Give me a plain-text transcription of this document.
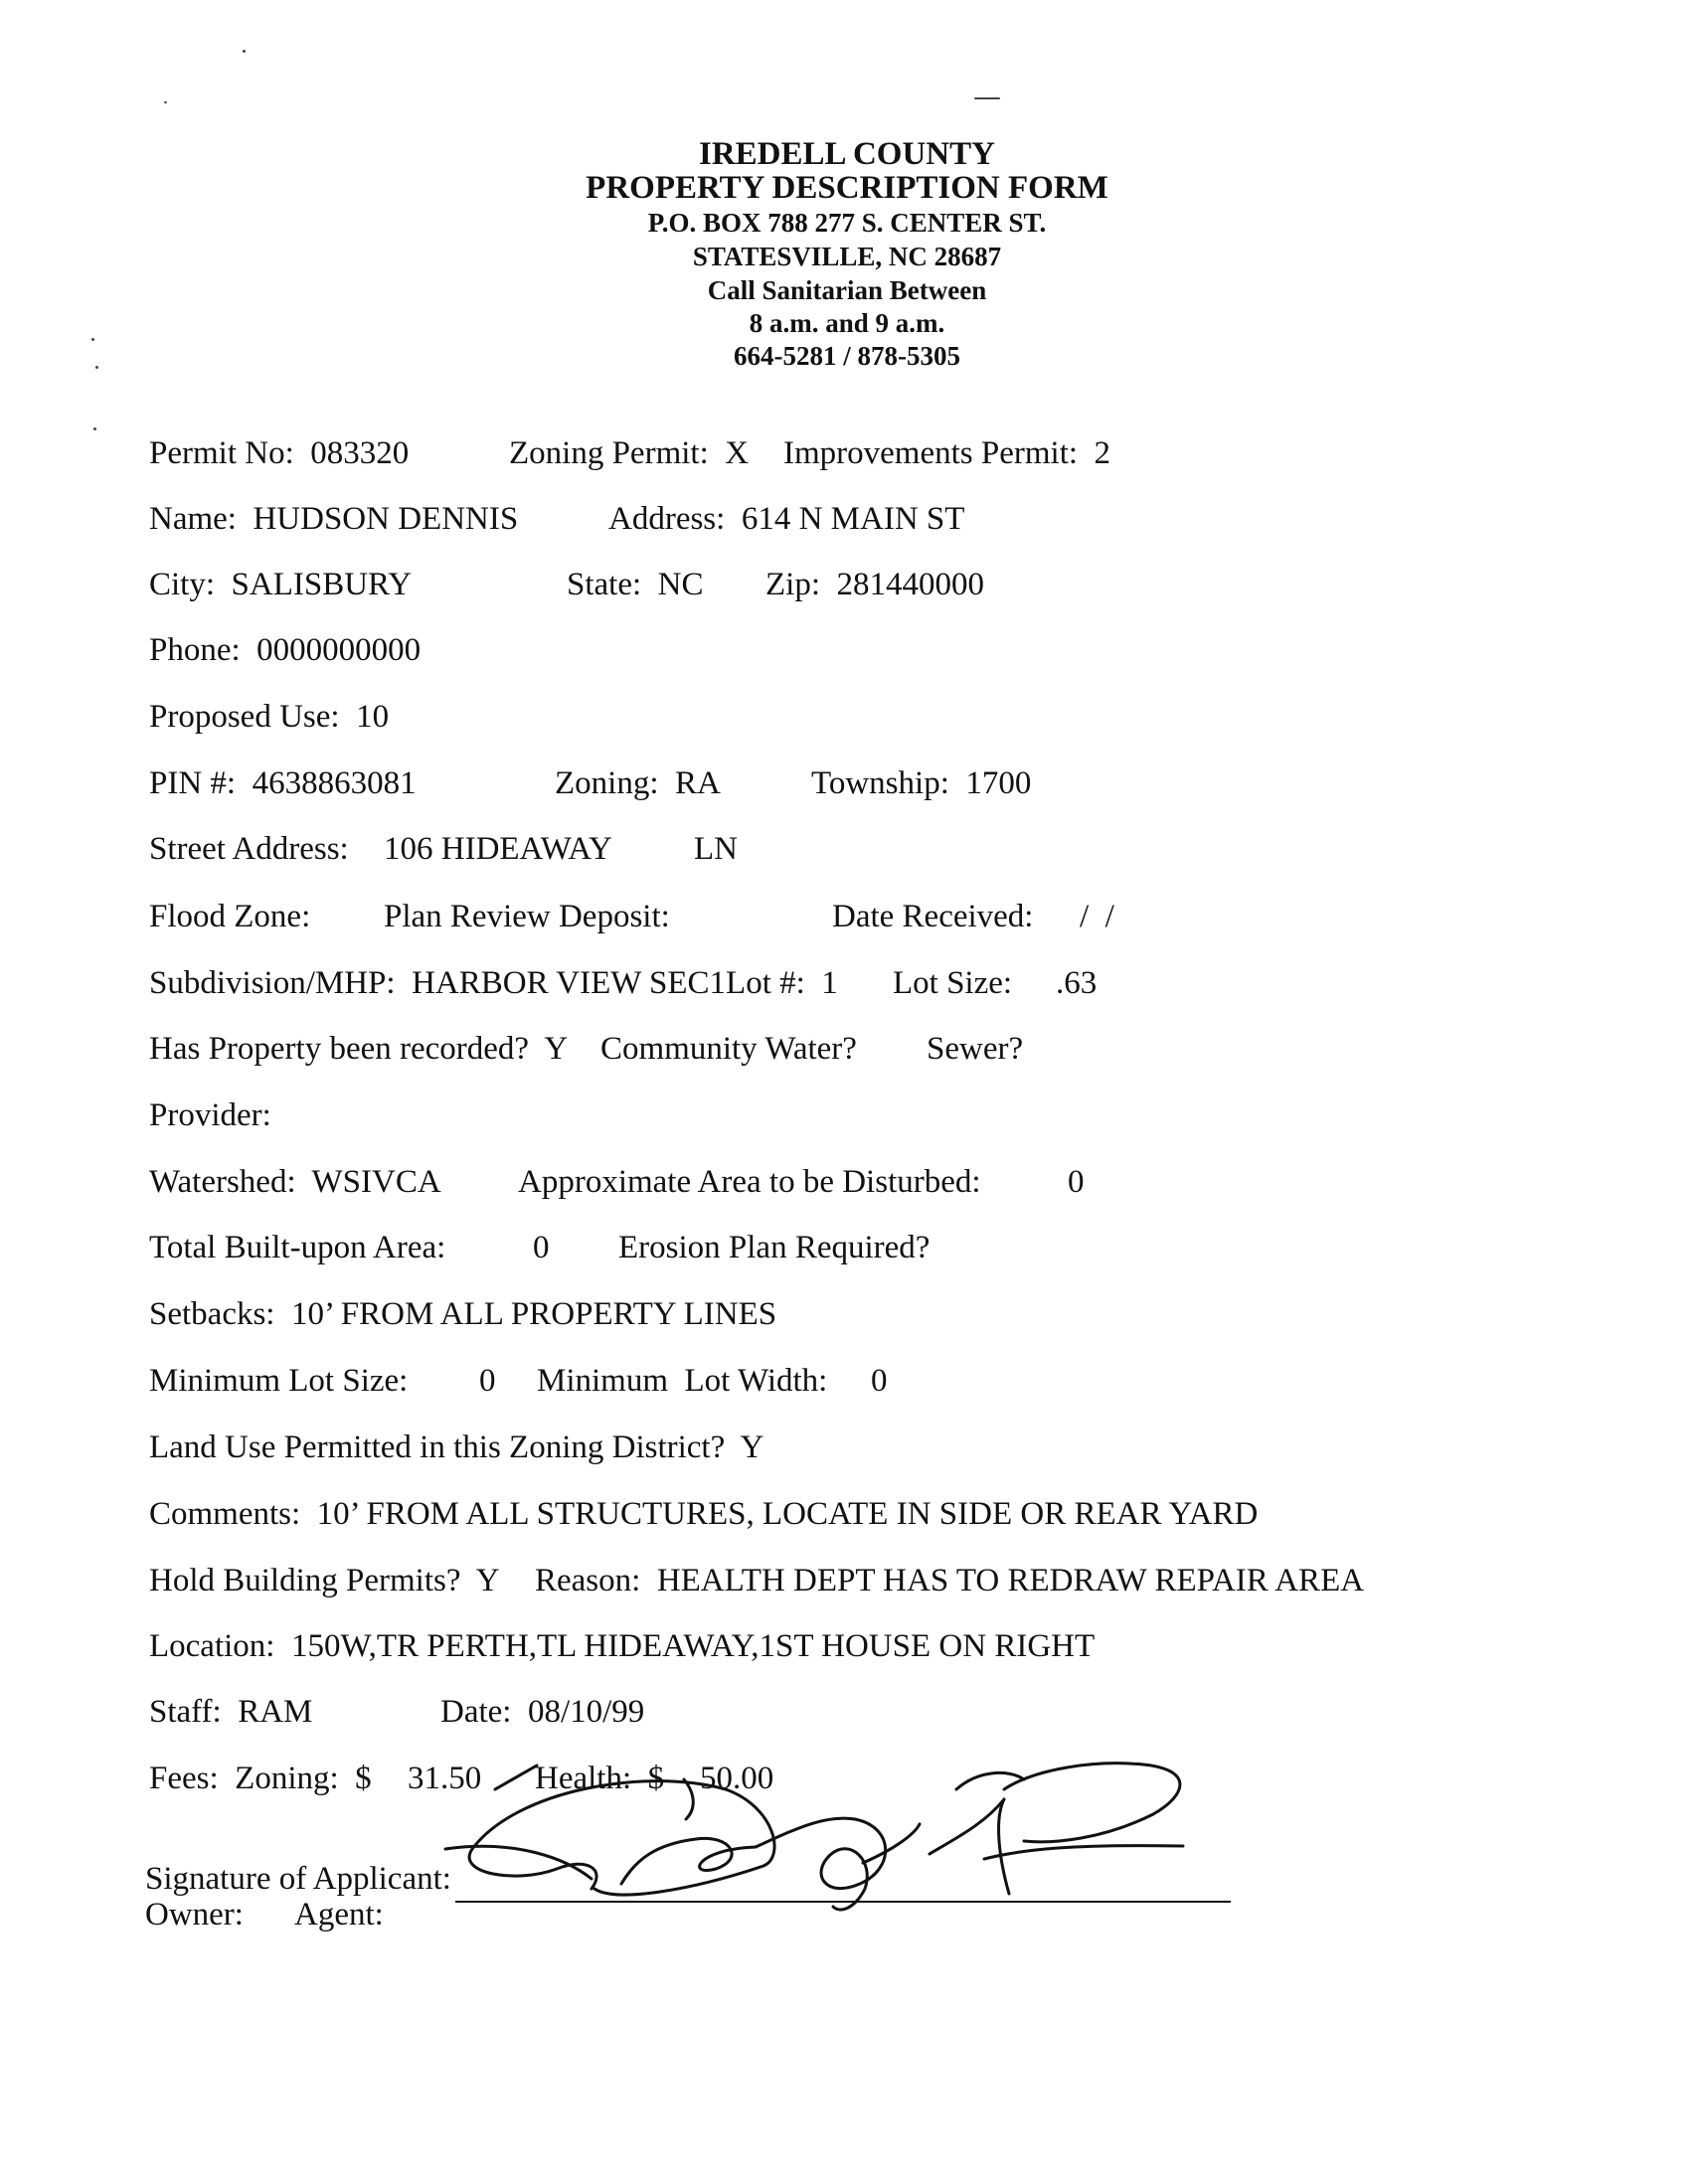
IREDELL COUNTY
PROPERTY DESCRIPTION FORM
P.O. BOX 788 277 S. CENTER ST.
STATESVILLE, NC 28687
Call Sanitarian Between
8 a.m. and 9 a.m.
664-5281 / 878-5305
Permit No:  083320	Zoning Permit:  X Improvements Permit:  2
Name:  HUDSON DENNIS	Address:  614 N MAIN ST
City:  SALISBURY	State:  NC Zip:  281440000
Phone:  0000000000
Proposed Use:  10
PIN #:  4638863081	Zoning:  RA	Township:  1700
Street Address: 106 HIDEAWAY LN
Flood Zone: Plan Review Deposit:	Date Received: /  /
Subdivision/MHP:  HARBOR VIEW SEC1Lot #:  1 Lot Size: .63
Has Property been recorded?  Y Community Water? Sewer?
Provider:
Watershed:  WSIVCA Approximate Area to be Disturbed:	0
Total Built-upon Area:	0 Erosion Plan Required?
Setbacks:  10’ FROM ALL PROPERTY LINES
Minimum Lot Size: 0 Minimum  Lot Width: 0
Land Use Permitted in this Zoning District?  Y
Comments:  10’ FROM ALL STRUCTURES, LOCATE IN SIDE OR REAR YARD
Hold Building Permits?  Y Reason:  HEALTH DEPT HAS TO REDRAW REPAIR AREA
Location:  150W,TR PERTH,TL HIDEAWAY,1ST HOUSE ON RIGHT
Staff:  RAM	Date:  08/10/99
Fees:  Zoning:  $ 31.50 Health:  $ 50.00
Signature of Applicant:
Owner: Agent:
